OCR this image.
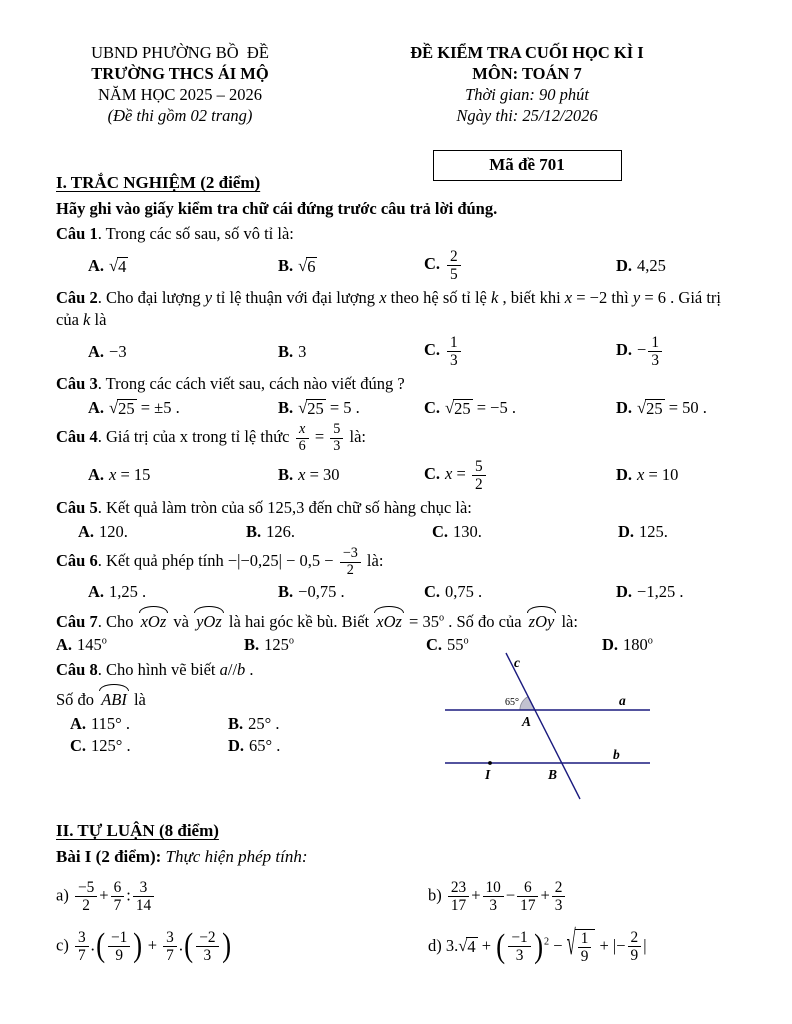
UBND PHƯỜNG BỒ  ĐỀ
TRƯỜNG THCS ÁI MỘ
NĂM HỌC 2025 – 2026
(Đề thi gồm 02 trang)
ĐỀ KIỂM TRA CUỐI HỌC KÌ I
MÔN: TOÁN 7
Thời gian: 90 phút
Ngày thi: 25/12/2026
Mã đề 701
I. TRẮC NGHIỆM (2 điểm)
Hãy ghi vào giấy kiểm tra chữ cái đứng trước câu trả lời đúng.
Câu 1. Trong các số sau, số vô tỉ là:
A. √ 4	B. √ 6	C. $\frac{2}{5}$	D. 4,25
Câu 2. Cho đại lượng y tỉ lệ thuận với đại lượng x theo hệ số tỉ lệ k , biết khi x = −2 thì y = 6 . Giá trị của k là
A. −3	B. 3	C. $\frac{1}{3}$	D. − $\frac{1}{3}$
Câu 3. Trong các cách viết sau, cách nào viết đúng ?
A. √ 25 = ±5 .	B. √ 25 = 5 .	C. √ 25 = −5 .	D. √ 25 = 50 .
Câu 4. Giá trị của x trong tỉ lệ thức $\frac{x}{6} = \frac{5}{3}$ là:
A. x = 15	B. x = 30	C. $x = \frac{5}{2}$	D. x = 10
Câu 5. Kết quả làm tròn của số 125,3 đến chữ số hàng chục là:
A. 120.	B. 126.	C. 130.	D. 125.
Câu 6. Kết quả phép tính $-|-0,25| - 0,5 - \frac{-3}{2}$ là:
A. 1,25 .	B. −0,75 .	C. 0,75 .	D. −1,25 .
Câu 7. Cho xOz và yOz là hai góc kề bù. Biết xOz = $35^o$ . Số đo của zOy là:
A. 145$^o$	B. 125$^o$	C. 55$^o$	D. 180$^o$
Câu 8. Cho hình vẽ biết a//b .
Số đo ABI là
A. 115° .	B. 25° .
C. 125° .	D. 65° .
c
a
b
A
B
I
65°
II. TỰ LUẬN (8 điểm)
Bài I (2 điểm): Thực hiện phép tính:
$a) \frac{-5}{2} + \frac{6}{7}$ : $\frac{3}{14}$	$b) \frac{23}{17} + \frac{10}{3} - \frac{6}{17} + \frac{2}{3}$
$c) \frac{3}{7}$ . ( $\frac{-1}{9}$ ) + $\frac{3}{7}$ . ( $\frac{-2}{3}$ )	d) 3. √ 4 + ( $\frac{-1}{3}$ ) $^2$ − √ $\frac{1}{9}$ + |− $\frac{2}{9}$ |
